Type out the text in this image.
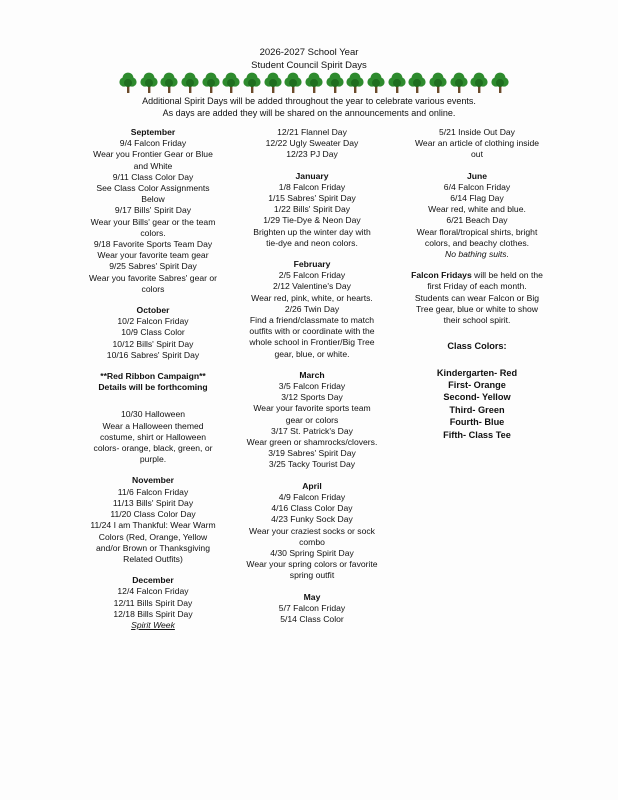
2026-2027 School Year
Student Council Spirit Days
Additional Spirit Days will be added throughout the year to celebrate various events.
As days are added they will be shared on the announcements and online.
September
9/4 Falcon Friday
Wear you Frontier Gear or Blue
and White
9/11 Class Color Day
See Class Color Assignments
Below
9/17 Bills' Spirit Day
Wear your Bills' gear or the team
colors.
9/18 Favorite Sports Team Day
Wear your favorite team gear
9/25 Sabres' Spirit Day
Wear you favorite Sabres' gear or
colors
October
10/2 Falcon Friday
10/9 Class Color
10/12 Bills' Spirit Day
10/16 Sabres' Spirit Day
**Red Ribbon Campaign**
Details will be forthcoming
10/30 Halloween
Wear a Halloween themed
costume, shirt or Halloween
colors- orange, black, green, or
purple.
November
11/6 Falcon Friday
11/13 Bills' Spirit Day
11/20 Class Color Day
11/24 I am Thankful: Wear Warm
Colors (Red, Orange, Yellow
and/or Brown or Thanksgiving
Related Outfits)
December
12/4 Falcon Friday
12/11 Bills Spirit Day
12/18 Bills Spirit Day
Spirit Week
12/21 Flannel Day
12/22 Ugly Sweater Day
12/23 PJ Day
January
1/8 Falcon Friday
1/15 Sabres' Spirit Day
1/22 Bills' Spirit Day
1/29 Tie-Dye & Neon Day
Brighten up the winter day with
tie-dye and neon colors.
February
2/5 Falcon Friday
2/12 Valentine's Day
Wear red, pink, white, or hearts.
2/26 Twin Day
Find a friend/classmate to match
outfits with or coordinate with the
whole school in Frontier/Big Tree
gear, blue, or white.
March
3/5 Falcon Friday
3/12 Sports Day
Wear your favorite sports team
gear or colors
3/17 St. Patrick's Day
Wear green or shamrocks/clovers.
3/19 Sabres' Spirit Day
3/25 Tacky Tourist Day
April
4/9 Falcon Friday
4/16 Class Color Day
4/23 Funky Sock Day
Wear your craziest socks or sock
combo
4/30 Spring Spirit Day
Wear your spring colors or favorite
spring outfit
May
5/7 Falcon Friday
5/14 Class Color
5/21 Inside Out Day
Wear an article of clothing inside
out
June
6/4 Falcon Friday
6/14 Flag Day
Wear red, white and blue.
6/21 Beach Day
Wear floral/tropical shirts, bright
colors, and beachy clothes.
No bathing suits.
Falcon Fridays will be held on the
first Friday of each month.
Students can wear Falcon or Big
Tree gear, blue or white to show
their school spirit.
Class Colors:
Kindergarten- Red
First- Orange
Second- Yellow
Third- Green
Fourth- Blue
Fifth- Class Tee
